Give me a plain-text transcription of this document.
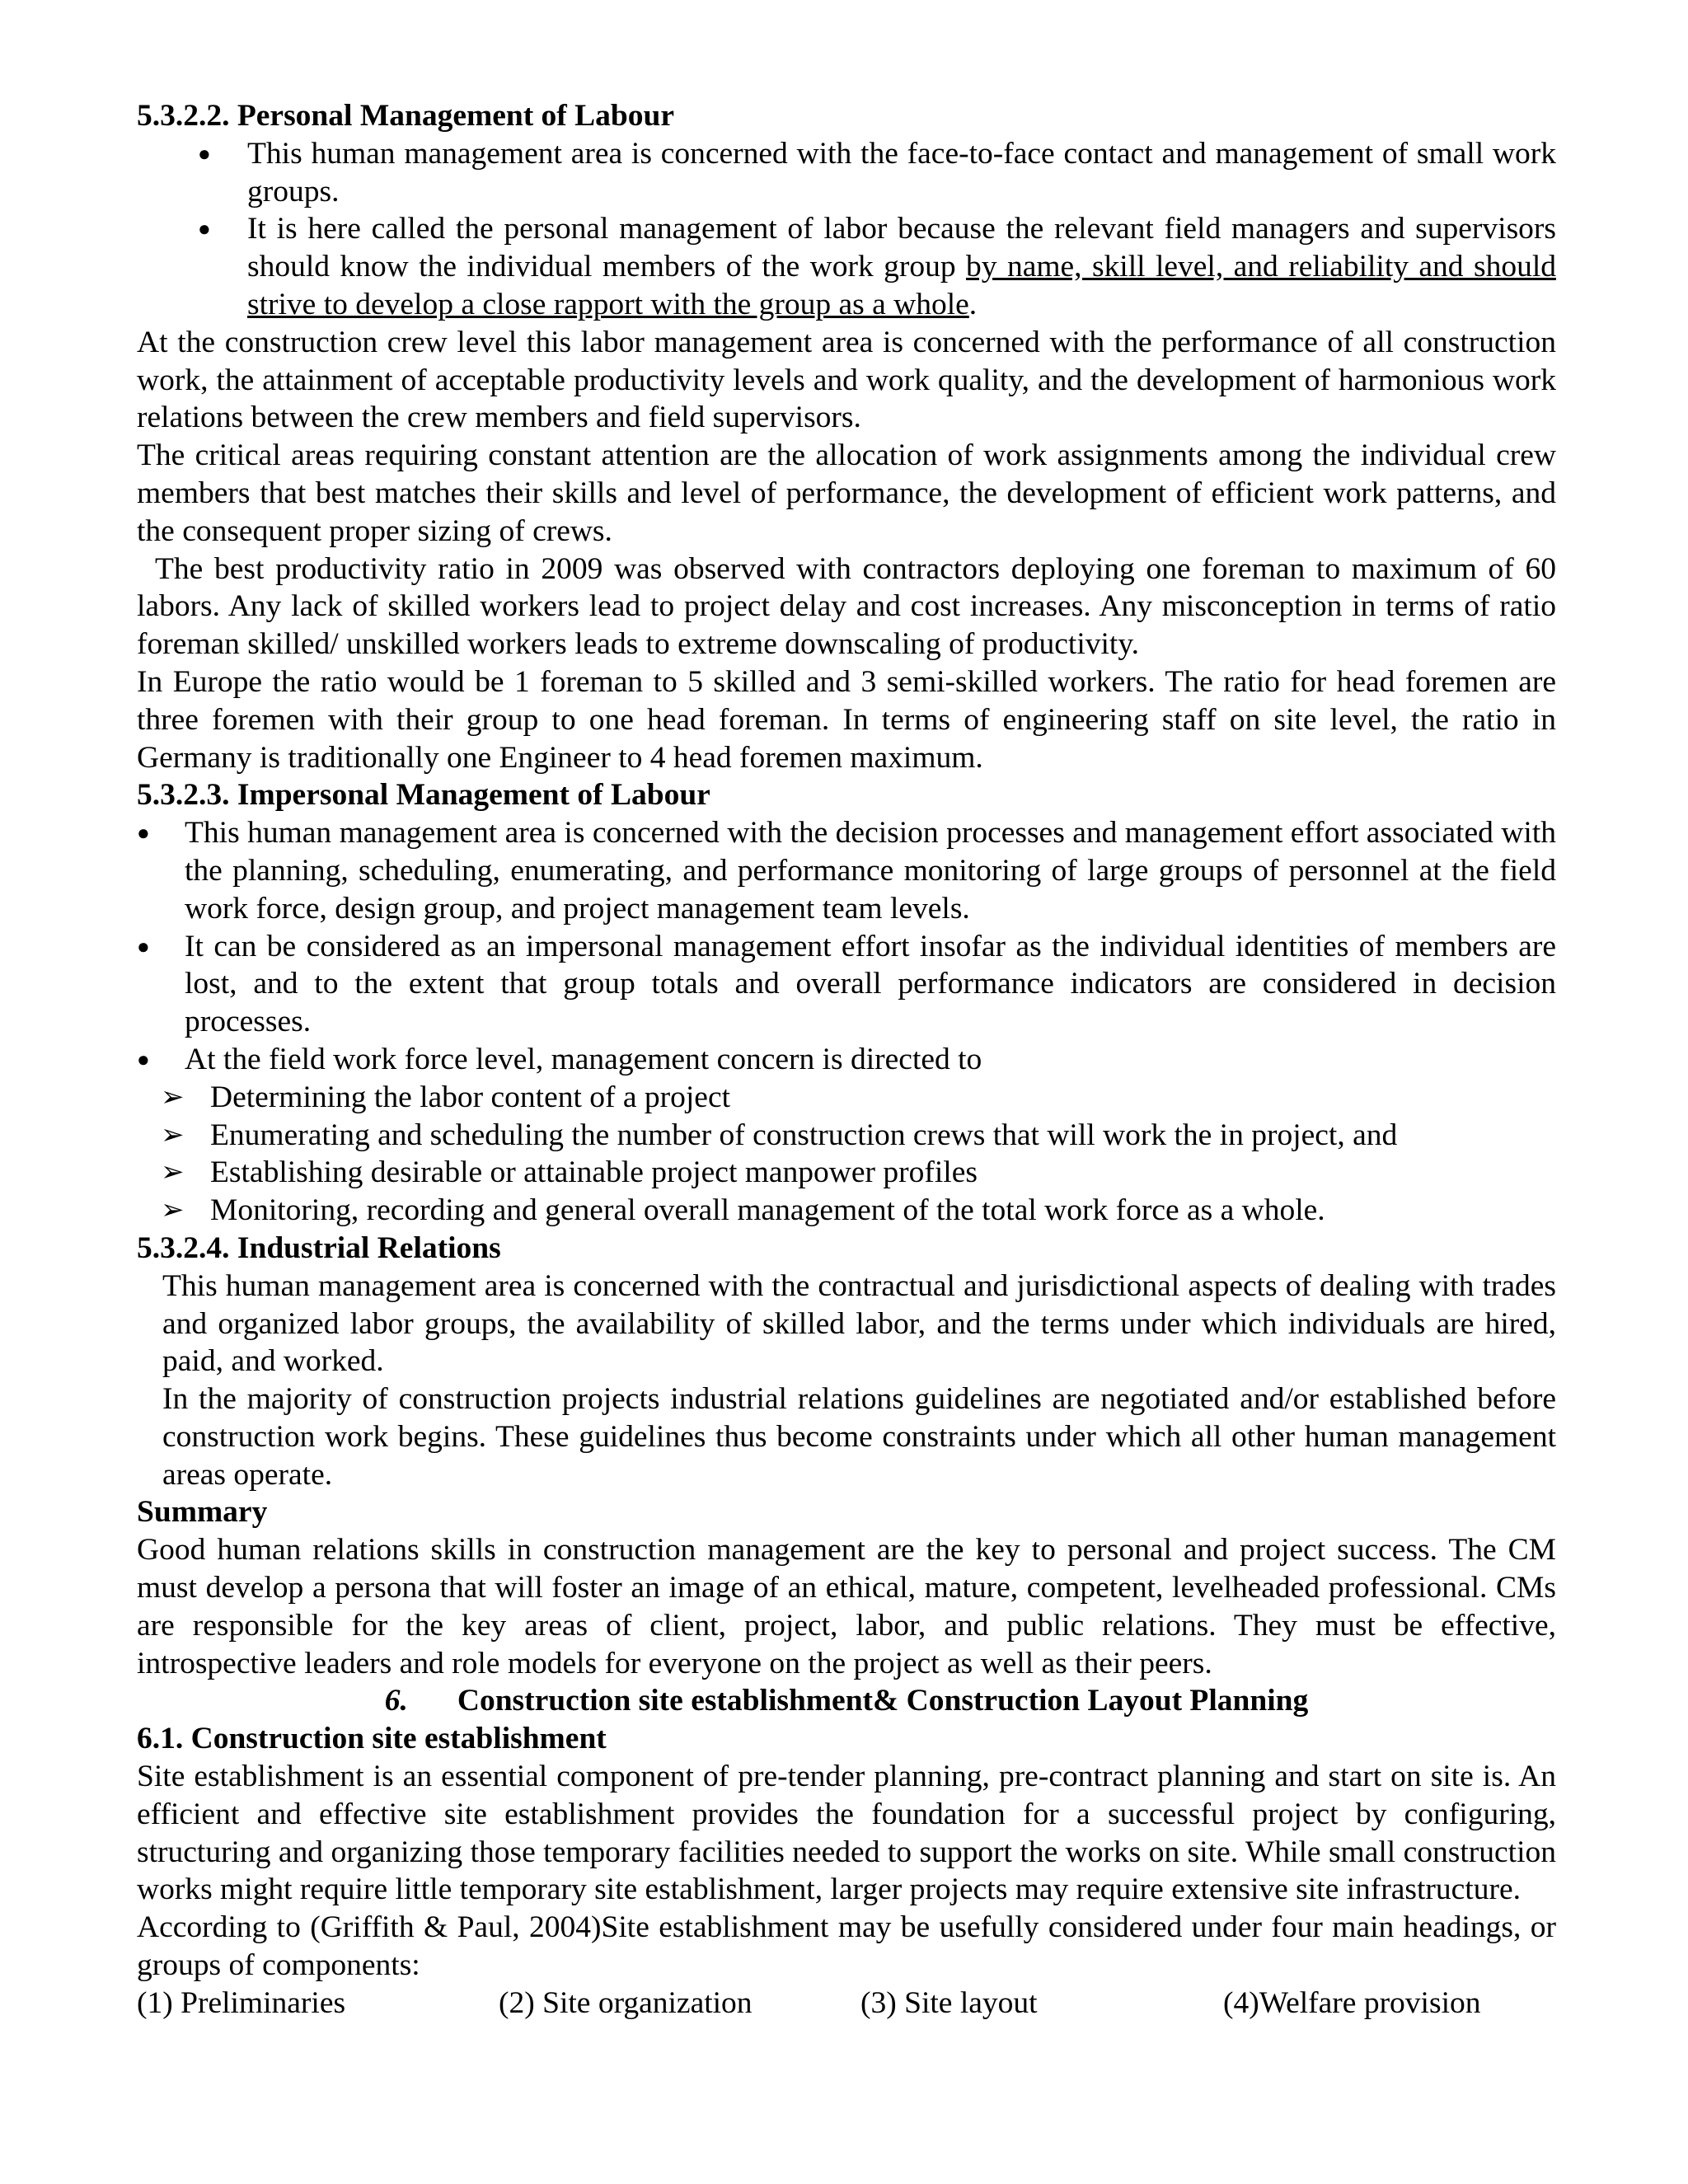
5.3.2.2. Personal Management of Labour
● This human management area is concerned with the face-to-face contact and management of small work groups.
● It is here called the personal management of labor because the relevant field managers and supervisors should know the individual members of the work group by name, skill level, and reliability and should strive to develop a close rapport with the group as a whole.

At the construction crew level this labor management area is concerned with the performance of all construction work, the attainment of acceptable productivity levels and work quality, and the development of harmonious work relations between the crew members and field supervisors.

The critical areas requiring constant attention are the allocation of work assignments among the individual crew members that best matches their skills and level of performance, the development of efficient work patterns, and the consequent proper sizing of crews.

The best productivity ratio in 2009 was observed with contractors deploying one foreman to maximum of 60 labors. Any lack of skilled workers lead to project delay and cost increases. Any misconception in terms of ratio foreman skilled/ unskilled workers leads to extreme downscaling of productivity.

In Europe the ratio would be 1 foreman to 5 skilled and 3 semi-skilled workers. The ratio for head foremen are three foremen with their group to one head foreman. In terms of engineering staff on site level, the ratio in Germany is traditionally one Engineer to 4 head foremen maximum.

5.3.2.3. Impersonal Management of Labour
● This human management area is concerned with the decision processes and management effort associated with the planning, scheduling, enumerating, and performance monitoring of large groups of personnel at the field work force, design group, and project management team levels.
● It can be considered as an impersonal management effort insofar as the individual identities of members are lost, and to the extent that group totals and overall performance indicators are considered in decision processes.
● At the field work force level, management concern is directed to
➢ Determining the labor content of a project
➢ Enumerating and scheduling the number of construction crews that will work the in project, and
➢ Establishing desirable or attainable project manpower profiles
➢ Monitoring, recording and general overall management of the total work force as a whole.
5.3.2.4. Industrial Relations

This human management area is concerned with the contractual and jurisdictional aspects of dealing with trades and organized labor groups, the availability of skilled labor, and the terms under which individuals are hired, paid, and worked.

In the majority of construction projects industrial relations guidelines are negotiated and/or established before construction work begins. These guidelines thus become constraints under which all other human management areas operate.

Summary

Good human relations skills in construction management are the key to personal and project success. The CM must develop a persona that will foster an image of an ethical, mature, competent, levelheaded professional. CMs are responsible for the key areas of client, project, labor, and public relations. They must be effective, introspective leaders and role models for everyone on the project as well as their peers.

6. Construction site establishment& Construction Layout Planning
6.1. Construction site establishment

Site establishment is an essential component of pre-tender planning, pre-contract planning and start on site is. An efficient and effective site establishment provides the foundation for a successful project by configuring, structuring and organizing those temporary facilities needed to support the works on site. While small construction works might require little temporary site establishment, larger projects may require extensive site infrastructure.

According to (Griffith & Paul, 2004)Site establishment may be usefully considered under four main headings, or groups of components:

(1) Preliminaries	(2) Site organization	(3) Site layout	(4)Welfare provision
